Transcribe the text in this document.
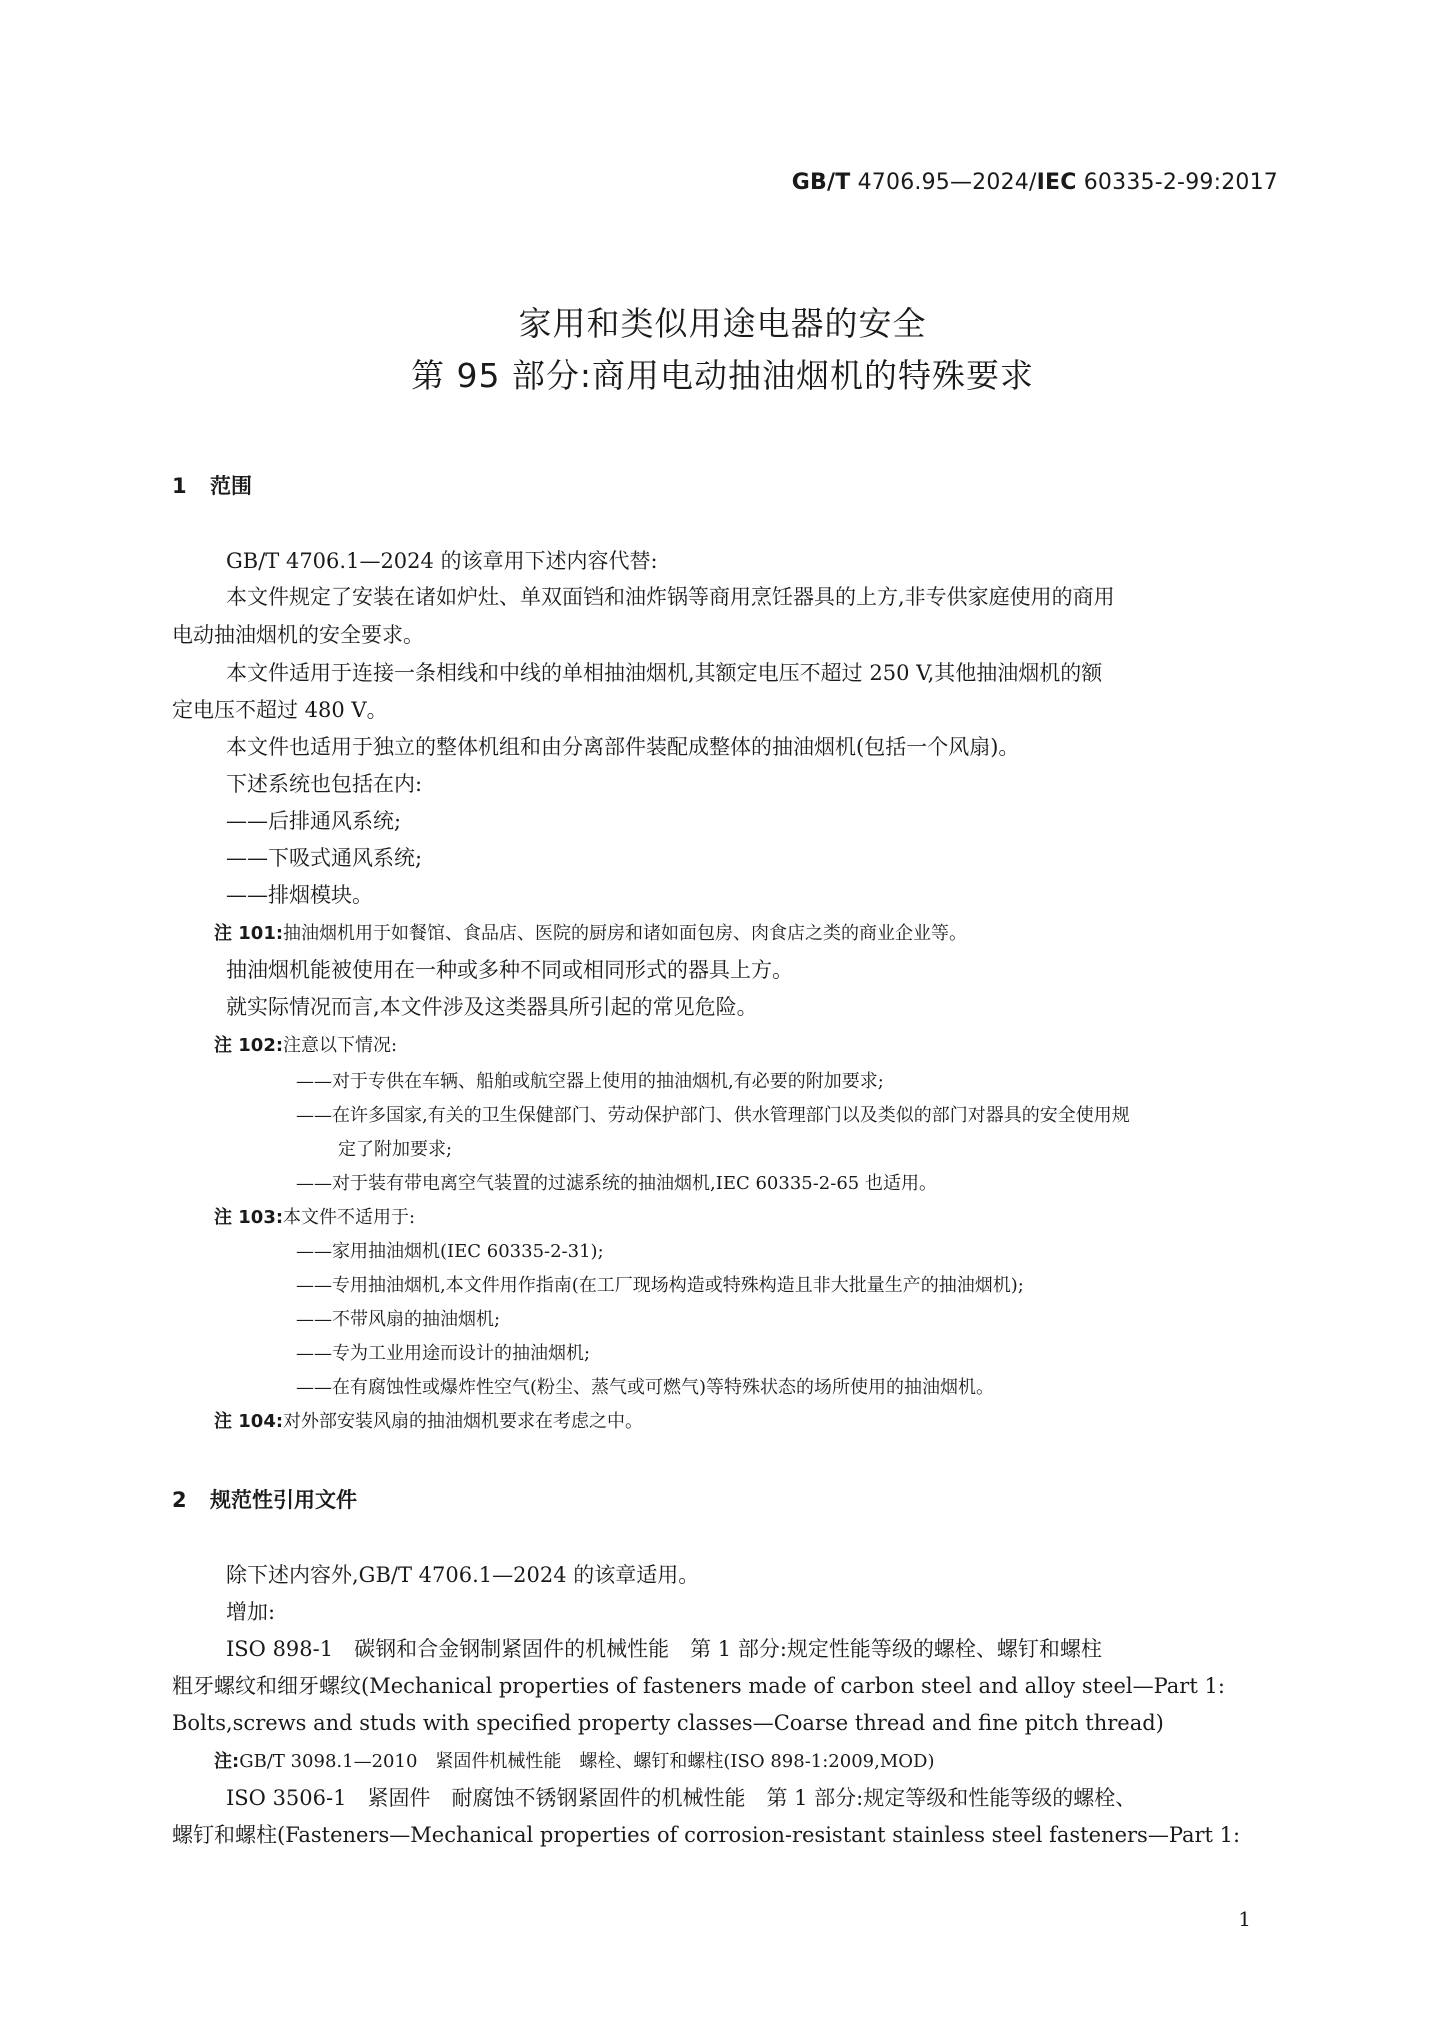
GB/T 4706.95—2024/IEC 60335-2-99:2017
家用和类似用途电器的安全
第 95 部分:商用电动抽油烟机的特殊要求
1 范围
GB/T 4706.1—2024 的该章用下述内容代替:
本文件规定了安装在诸如炉灶、单双面铛和油炸锅等商用烹饪器具的上方,非专供家庭使用的商用
电动抽油烟机的安全要求。
本文件适用于连接一条相线和中线的单相抽油烟机,其额定电压不超过 250 V,其他抽油烟机的额
定电压不超过 480 V。
本文件也适用于独立的整体机组和由分离部件装配成整体的抽油烟机(包括一个风扇)。
下述系统也包括在内:
——后排通风系统;
——下吸式通风系统;
——排烟模块。
注 101:抽油烟机用于如餐馆、食品店、医院的厨房和诸如面包房、肉食店之类的商业企业等。
抽油烟机能被使用在一种或多种不同或相同形式的器具上方。
就实际情况而言,本文件涉及这类器具所引起的常见危险。
注 102:注意以下情况:
——对于专供在车辆、船舶或航空器上使用的抽油烟机,有必要的附加要求;
——在许多国家,有关的卫生保健部门、劳动保护部门、供水管理部门以及类似的部门对器具的安全使用规
定了附加要求;
——对于装有带电离空气装置的过滤系统的抽油烟机,IEC 60335-2-65 也适用。
注 103:本文件不适用于:
——家用抽油烟机(IEC 60335-2-31);
——专用抽油烟机,本文件用作指南(在工厂现场构造或特殊构造且非大批量生产的抽油烟机);
——不带风扇的抽油烟机;
——专为工业用途而设计的抽油烟机;
——在有腐蚀性或爆炸性空气(粉尘、蒸气或可燃气)等特殊状态的场所使用的抽油烟机。
注 104:对外部安装风扇的抽油烟机要求在考虑之中。
2 规范性引用文件
除下述内容外,GB/T 4706.1—2024 的该章适用。
增加:
ISO 898-1　碳钢和合金钢制紧固件的机械性能　第 1 部分:规定性能等级的螺栓、螺钉和螺柱
粗牙螺纹和细牙螺纹(Mechanical properties of fasteners made of carbon steel and alloy steel—Part 1:
Bolts,screws and studs with specified property classes—Coarse thread and fine pitch thread)
注:GB/T 3098.1—2010　紧固件机械性能　螺栓、螺钉和螺柱(ISO 898-1:2009,MOD)
ISO 3506-1　紧固件　耐腐蚀不锈钢紧固件的机械性能　第 1 部分:规定等级和性能等级的螺栓、
螺钉和螺柱(Fasteners—Mechanical properties of corrosion-resistant stainless steel fasteners—Part 1:
1
